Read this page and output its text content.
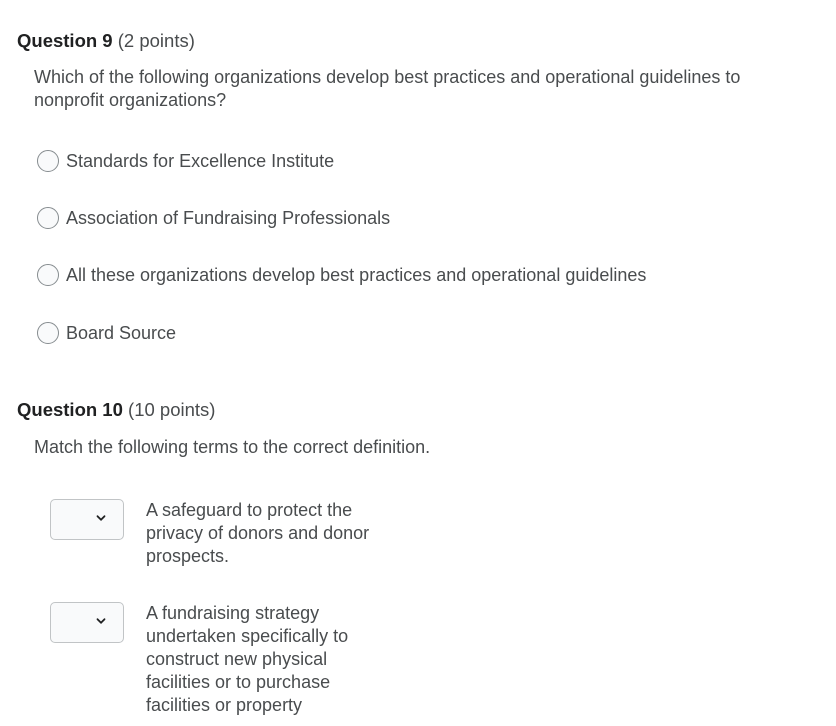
Question 9 (2 points)
Which of the following organizations develop best practices and operational guidelines to nonprofit organizations?
Standards for Excellence Institute
Association of Fundraising Professionals
All these organizations develop best practices and operational guidelines
Board Source
Question 10 (10 points)
Match the following terms to the correct definition.
A safeguard to protect the privacy of donors and donor prospects.
A fundraising strategy undertaken specifically to construct new physical facilities or to purchase facilities or property
